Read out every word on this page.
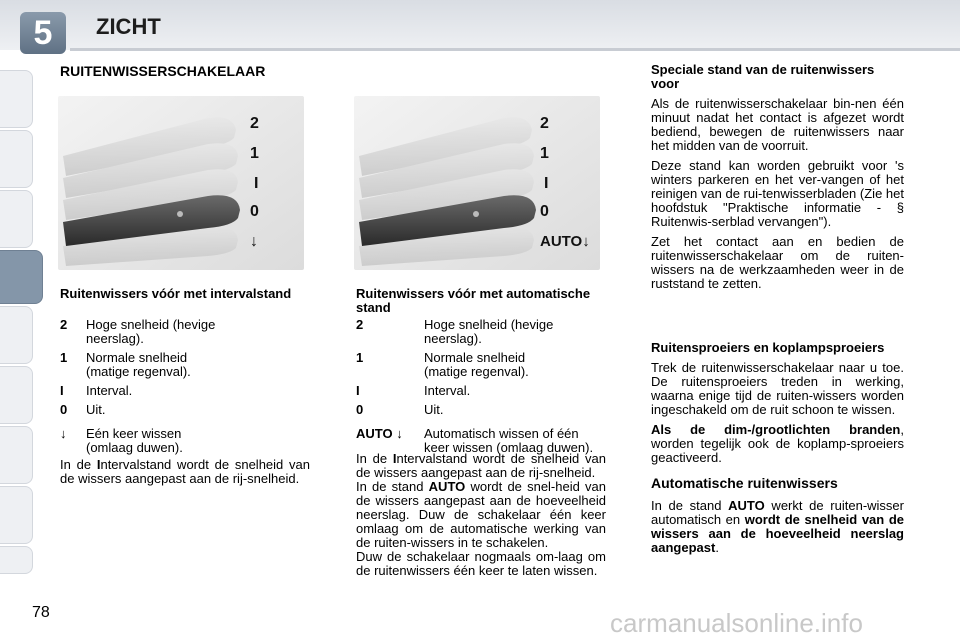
5	ZICHT
RUITENWISSERSCHAKELAAR
2
1
I
0
↓
2
1
I
0
AUTO↓
Ruitenwissers vóór met intervalstand
2	Hoge snelheid (hevige neerslag).
1	Normale snelheid (matige regenval).
I	Interval.
0	Uit.
↓	Eén keer wissen (omlaag duwen).
In de Intervalstand wordt de snelheid van de wissers aangepast aan de rij-snelheid.
Ruitenwissers vóór met automatische stand
2	Hoge snelheid (hevige neerslag).
1	Normale snelheid (matige regenval).
I	Interval.
0	Uit.
AUTO ↓	Automatisch wissen of één keer wissen (omlaag duwen).
In de Intervalstand wordt de snelheid van de wissers aangepast aan de rij-snelheid.
In de stand AUTO wordt de snel-heid van de wissers aangepast aan de hoeveelheid neerslag. Duw de schakelaar één keer omlaag om de automatische werking van de ruiten-wissers in te schakelen.
Duw de schakelaar nogmaals om-laag om de ruitenwissers één keer te laten wissen.
Speciale stand van de ruitenwissers voor
Als de ruitenwisserschakelaar bin-nen één minuut nadat het contact is afgezet wordt bediend, bewegen de ruitenwissers naar het midden van de voorruit.
Deze stand kan worden gebruikt voor 's winters parkeren en het ver-vangen of het reinigen van de rui-tenwisserbladen (Zie het hoofdstuk "Praktische informatie - § Ruitenwis-serblad vervangen").
Zet het contact aan en bedien de ruitenwisserschakelaar om de ruiten-wissers na de werkzaamheden weer in de ruststand te zetten.
Ruitensproeiers en koplampsproeiers
Trek de ruitenwisserschakelaar naar u toe. De ruitensproeiers treden in werking, waarna enige tijd de ruiten-wissers worden ingeschakeld om de ruit schoon te wissen.
Als de dim-/grootlichten branden, worden tegelijk ook de koplamp-sproeiers geactiveerd.
Automatische ruitenwissers
In de stand AUTO werkt de ruiten-wisser automatisch en wordt de snelheid van de wissers aan de hoeveelheid neerslag aangepast.
78	carmanualsonline.info
